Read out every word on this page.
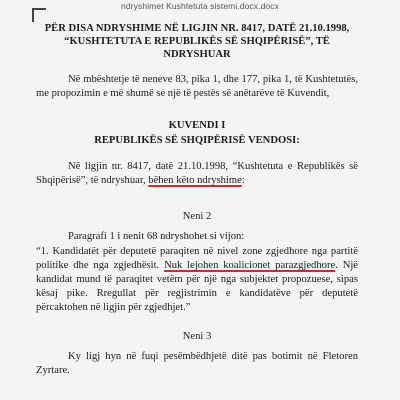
ndryshimet Kushtetuta sistemi.docx.docx

PËR DISA NDRYSHIME NË LIGJIN NR. 8417, DATË 21.10.1998, “KUSHTETUTA E REPUBLIKËS SË SHQIPËRISË”, TË NDRYSHUAR

Në mbështetje të neneve 83, pika 1, dhe 177, pika 1, të Kushtetutës, me propozimin e më shumë se një të pestës së anëtarëve të Kuvendit,

KUVENDI I

REPUBLIKËS SË SHQIPËRISË VENDOSI:

Në ligjin nr. 8417, datë 21.10.1998, “Kushtetuta e Republikës së Shqipërisë”, të ndryshuar, bëhen këto ndryshime:

Neni 2

Paragrafi 1 i nenit 68 ndryshohet si vijon:

“1. Kandidatët për deputetë paraqiten në nivel zone zgjedhore nga partitë politike dhe nga zgjedhësit. Nuk lejohen koalicionet parazgjedhore. Një kandidat mund të paraqitet vetëm për një nga subjektet propozuese, sipas kësaj pike. Rregullat për regjistrimin e kandidatëve për deputetë përcaktohen në ligjin për zgjedhjet.”

Neni 3

Ky ligj hyn në fuqi pesëmbëdhjetë ditë pas botimit në Fletoren Zyrtare.
